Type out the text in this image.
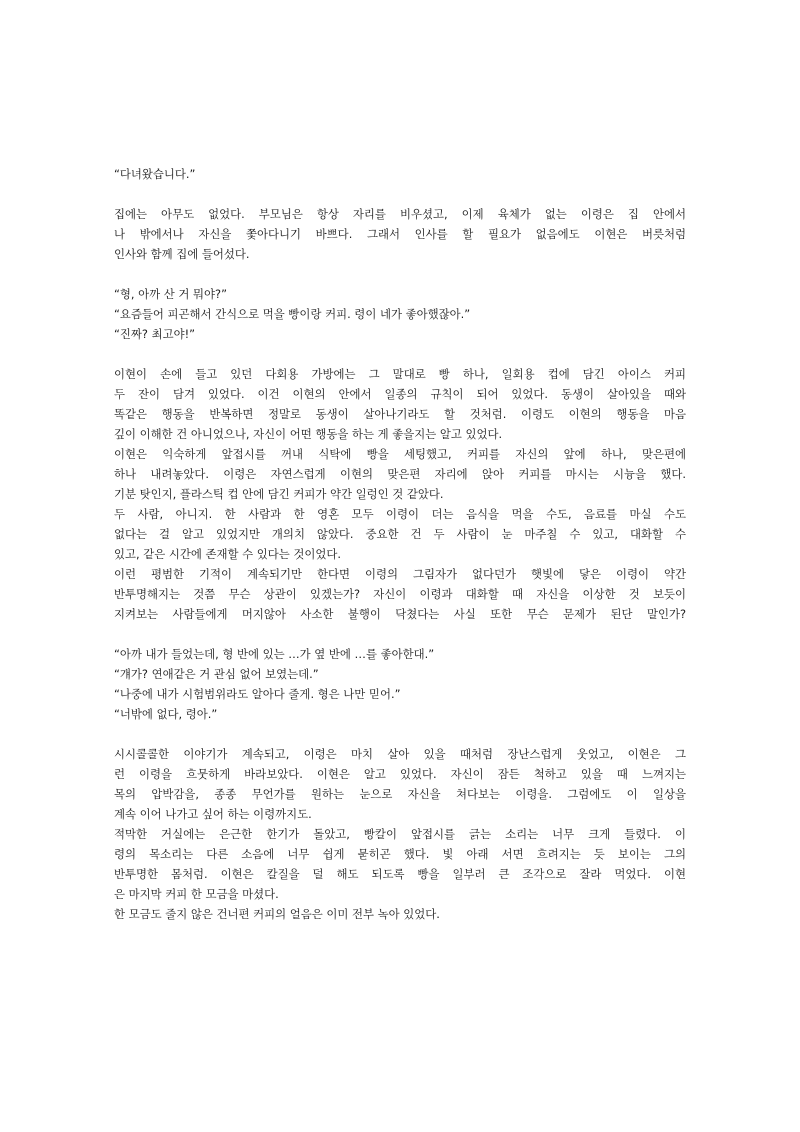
“다녀왔습니다.”
집에는 아무도 없었다. 부모님은 항상 자리를 비우셨고, 이제 육체가 없는 이령은 집 안에서
나 밖에서나 자신을 쫓아다니기 바쁘다. 그래서 인사를 할 필요가 없음에도 이현은 버릇처럼
인사와 함께 집에 들어섰다.
“형, 아까 산 거 뭐야?”
“요즘들어 피곤해서 간식으로 먹을 빵이랑 커피. 령이 네가 좋아했잖아.”
“진짜? 최고야!”
이현이 손에 들고 있던 다회용 가방에는 그 말대로 빵 하나, 일회용 컵에 담긴 아이스 커피
두 잔이 담겨 있었다. 이건 이현의 안에서 일종의 규칙이 되어 있었다. 동생이 살아있을 때와
똑같은 행동을 반복하면 정말로 동생이 살아나기라도 할 것처럼. 이령도 이현의 행동을 마음
깊이 이해한 건 아니었으나, 자신이 어떤 행동을 하는 게 좋을지는 알고 있었다.
이현은 익숙하게 앞접시를 꺼내 식탁에 빵을 세팅했고, 커피를 자신의 앞에 하나, 맞은편에
하나 내려놓았다. 이령은 자연스럽게 이현의 맞은편 자리에 앉아 커피를 마시는 시늉을 했다.
기분 탓인지, 플라스틱 컵 안에 담긴 커피가 약간 일렁인 것 같았다.
두 사람, 아니지. 한 사람과 한 영혼 모두 이령이 더는 음식을 먹을 수도, 음료를 마실 수도
없다는 걸 알고 있었지만 개의치 않았다. 중요한 건 두 사람이 눈 마주칠 수 있고, 대화할 수
있고, 같은 시간에 존재할 수 있다는 것이었다.
이런 평범한 기적이 계속되기만 한다면 이령의 그림자가 없다던가 햇빛에 닿은 이령이 약간
반투명해지는 것쯤 무슨 상관이 있겠는가? 자신이 이령과 대화할 때 자신을 이상한 것 보듯이
지켜보는 사람들에게 머지않아 사소한 불행이 닥쳤다는 사실 또한 무슨 문제가 된단 말인가?
“아까 내가 들었는데, 형 반에 있는 …가 옆 반에 …를 좋아한대.”
“걔가? 연애같은 거 관심 없어 보였는데.”
“나중에 내가 시험범위라도 알아다 줄게. 형은 나만 믿어.”
“너밖에 없다, 령아.”
시시콜콜한 이야기가 계속되고, 이령은 마치 살아 있을 때처럼 장난스럽게 웃었고, 이현은 그
런 이령을 흐뭇하게 바라보았다. 이현은 알고 있었다. 자신이 잠든 척하고 있을 때 느껴지는
목의 압박감을, 종종 무언가를 원하는 눈으로 자신을 쳐다보는 이령을. 그럼에도 이 일상을
계속 이어 나가고 싶어 하는 이령까지도.
적막한 거실에는 은근한 한기가 돌았고, 빵칼이 앞접시를 긁는 소리는 너무 크게 들렸다. 이
령의 목소리는 다른 소음에 너무 쉽게 묻히곤 했다. 빛 아래 서면 흐려지는 듯 보이는 그의
반투명한 몸처럼. 이현은 칼질을 덜 해도 되도록 빵을 일부러 큰 조각으로 잘라 먹었다. 이현
은 마지막 커피 한 모금을 마셨다.
한 모금도 줄지 않은 건너편 커피의 얼음은 이미 전부 녹아 있었다.
